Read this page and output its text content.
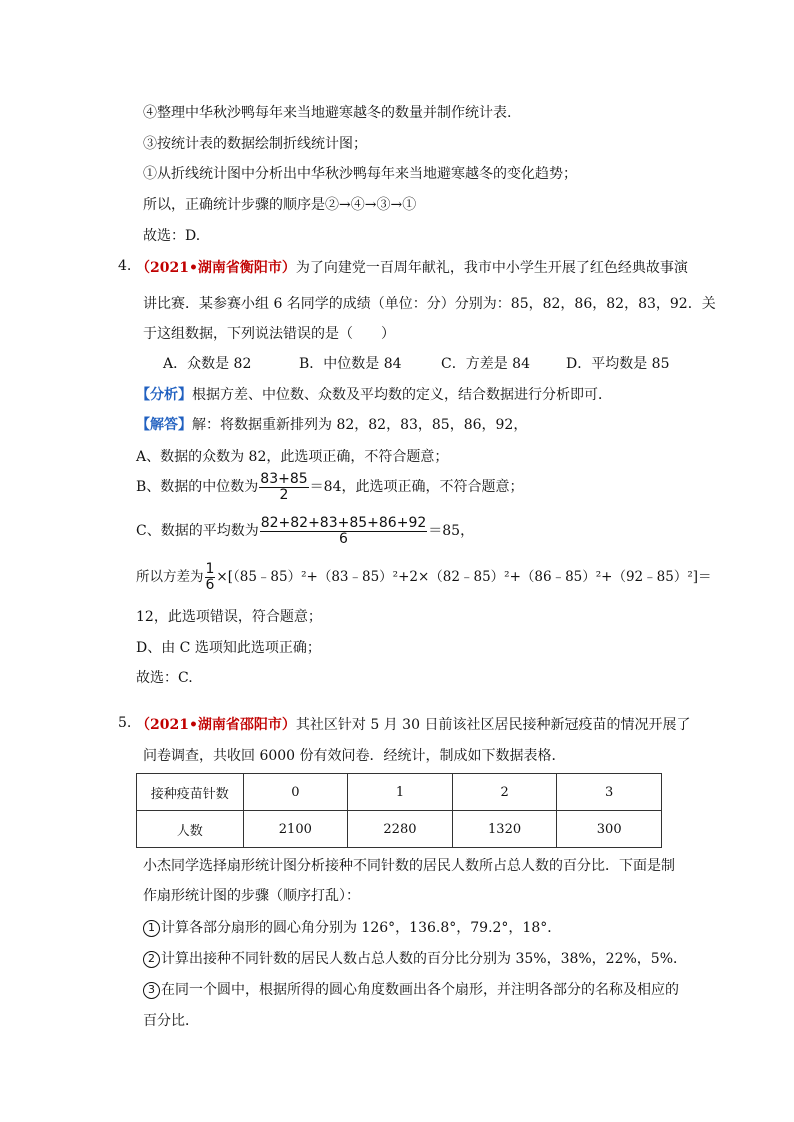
④整理中华秋沙鸭每年来当地避寒越冬的数量并制作统计表.
③按统计表的数据绘制折线统计图；
①从折线统计图中分析出中华秋沙鸭每年来当地避寒越冬的变化趋势；
所以，正确统计步骤的顺序是②→④→③→①
故选：D.
4. （2021•湖南省衡阳市）为了向建党一百周年献礼，我市中小学生开展了红色经典故事演
讲比赛．某参赛小组 6 名同学的成绩（单位：分）分别为：85，82，86，82，83，92．关
于这组数据，下列说法错误的是（　　）
A．众数是 82	B．中位数是 84	C．方差是 84	D．平均数是 85
【分析】根据方差、中位数、众数及平均数的定义，结合数据进行分析即可．
【解答】解：将数据重新排列为 82，82，83，85，86，92，
A、数据的众数为 82，此选项正确，不符合题意；
B、数据的中位数为 $\frac{83+85}{2} =84$，此选项正确，不符合题意；
C、数据的平均数为 $\frac{82+82+83+85+86+92}{6} =85$，
所以方差为 $\frac{1}{6}$ ×[（85﹣85）²+（83﹣85）²+2×（82﹣85）²+（86﹣85）²+（92﹣85）²]＝
12，此选项错误，符合题意；
D、由 C 选项知此选项正确；
故选：C.
5. （2021•湖南省邵阳市）其社区针对 5 月 30 日前该社区居民接种新冠疫苗的情况开展了
问卷调查，共收回 6000 份有效问卷．经统计，制成如下数据表格．
接种疫苗针数	0	1	2	3
人数	2100	2280	1320	300
小杰同学选择扇形统计图分析接种不同针数的居民人数所占总人数的百分比．下面是制
作扇形统计图的步骤（顺序打乱）：
1 计算各部分扇形的圆心角分别为 126°，136.8°，79.2°，18°．
2 计算出接种不同针数的居民人数占总人数的百分比分别为 35%，38%，22%，5%．
3 在同一个圆中，根据所得的圆心角度数画出各个扇形，并注明各部分的名称及相应的
百分比．
